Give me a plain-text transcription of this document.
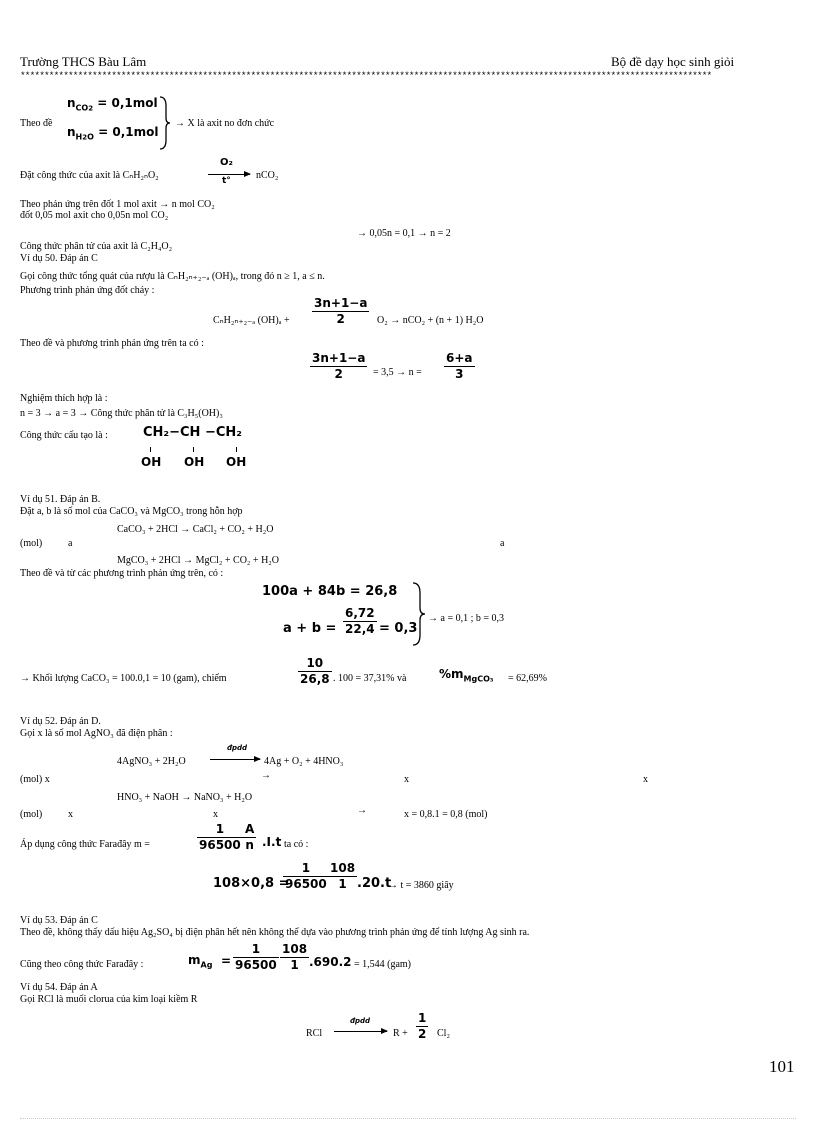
Trường THCS Bàu Lâm	Bộ đề dạy học sinh giỏi
************************************************************************************************************************************************
Theo đề
$n_{CO2} = 0,1mol$
$n_{H2O} = 0,1mol$
→ X là axit no đơn chức
Đặt công thức của axit là CₙH₂ₙO₂
O₂
t°	nCO₂
Theo phản ứng trên đốt 1 mol axit → n mol CO₂
đốt 0,05 mol axit cho 0,05n mol CO₂
→ 0,05n = 0,1 → n = 2
Công thức phân tử của axit là C₂H₄O₂
Ví dụ 50. Đáp án C
Gọi công thức tổng quát của rượu là CₙH₂ₙ₊₂₋ₐ (OH)ₐ, trong đó n ≥ 1, a ≤ n.
Phương trình phản ứng đốt cháy :
CₙH₂ₙ₊₂₋ₐ (OH)ₐ +
3n+1−a
2	O₂ → nCO₂ + (n + 1) H₂O
Theo đề và phương trình phản ứng trên ta có :
3n+1−a
2	= 3,5 → n =
6+a
3
Nghiệm thích hợp là :
n = 3 → a = 3 → Công thức phân tử là C₃H₅(OH)₃
Công thức cấu tạo là :	CH₂−CH −CH₂
OH OH OH
Ví dụ 51. Đáp án B.
Đặt a, b là số mol của CaCO₃ và MgCO₃ trong hỗn hợp
CaCO₃ + 2HCl → CaCl₂ + CO₂ + H₂O
(mol)	a	a
MgCO₃ + 2HCl → MgCl₂ + CO₂ + H₂O
Theo đề và từ các phương trình phản ứng trên, có :
100a + 84b = 26,8
a + b =
6,72
22,4 = 0,3
→ a = 0,1 ; b = 0,3
→ Khối lượng CaCO₃ = 100.0,1 = 10 (gam), chiếm
10
26,8 . 100 = 37,31% và	$\%m_{MgCO_3} = 62,69\%$
Ví dụ 52. Đáp án D.
Gọi x là số mol AgNO₃ đã điện phân :
4AgNO₃ + 2H₂O
đpdd
4Ag + O₂ + 4HNO₃
(mol) x	→	x	x
HNO₃ + NaOH → NaNO₃ + H₂O
(mol)	x	x	→	x = 0,8.1 = 0,8 (mol)
Áp dụng công thức Farađây m =
1
96500
A
n .I.t ta có :
108×0,8 =
1
96500
108
1 .20.t
→ t = 3860 giây
Ví dụ 53. Đáp án C
Theo đề, không thấy dấu hiệu Ag₂SO₄ bị điện phân hết nên không thể dựa vào phương trình phản ứng để tính lượng Ag sinh ra.
Cũng theo công thức Farađây :	$m_{Ag}$ =
1
96500
108
1 .690.2 = 1,544 (gam)
Ví dụ 54. Đáp án A
Gọi RCl là muối clorua của kim loại kiềm R
RCl
đpdd
R +
1
2 Cl₂
101
